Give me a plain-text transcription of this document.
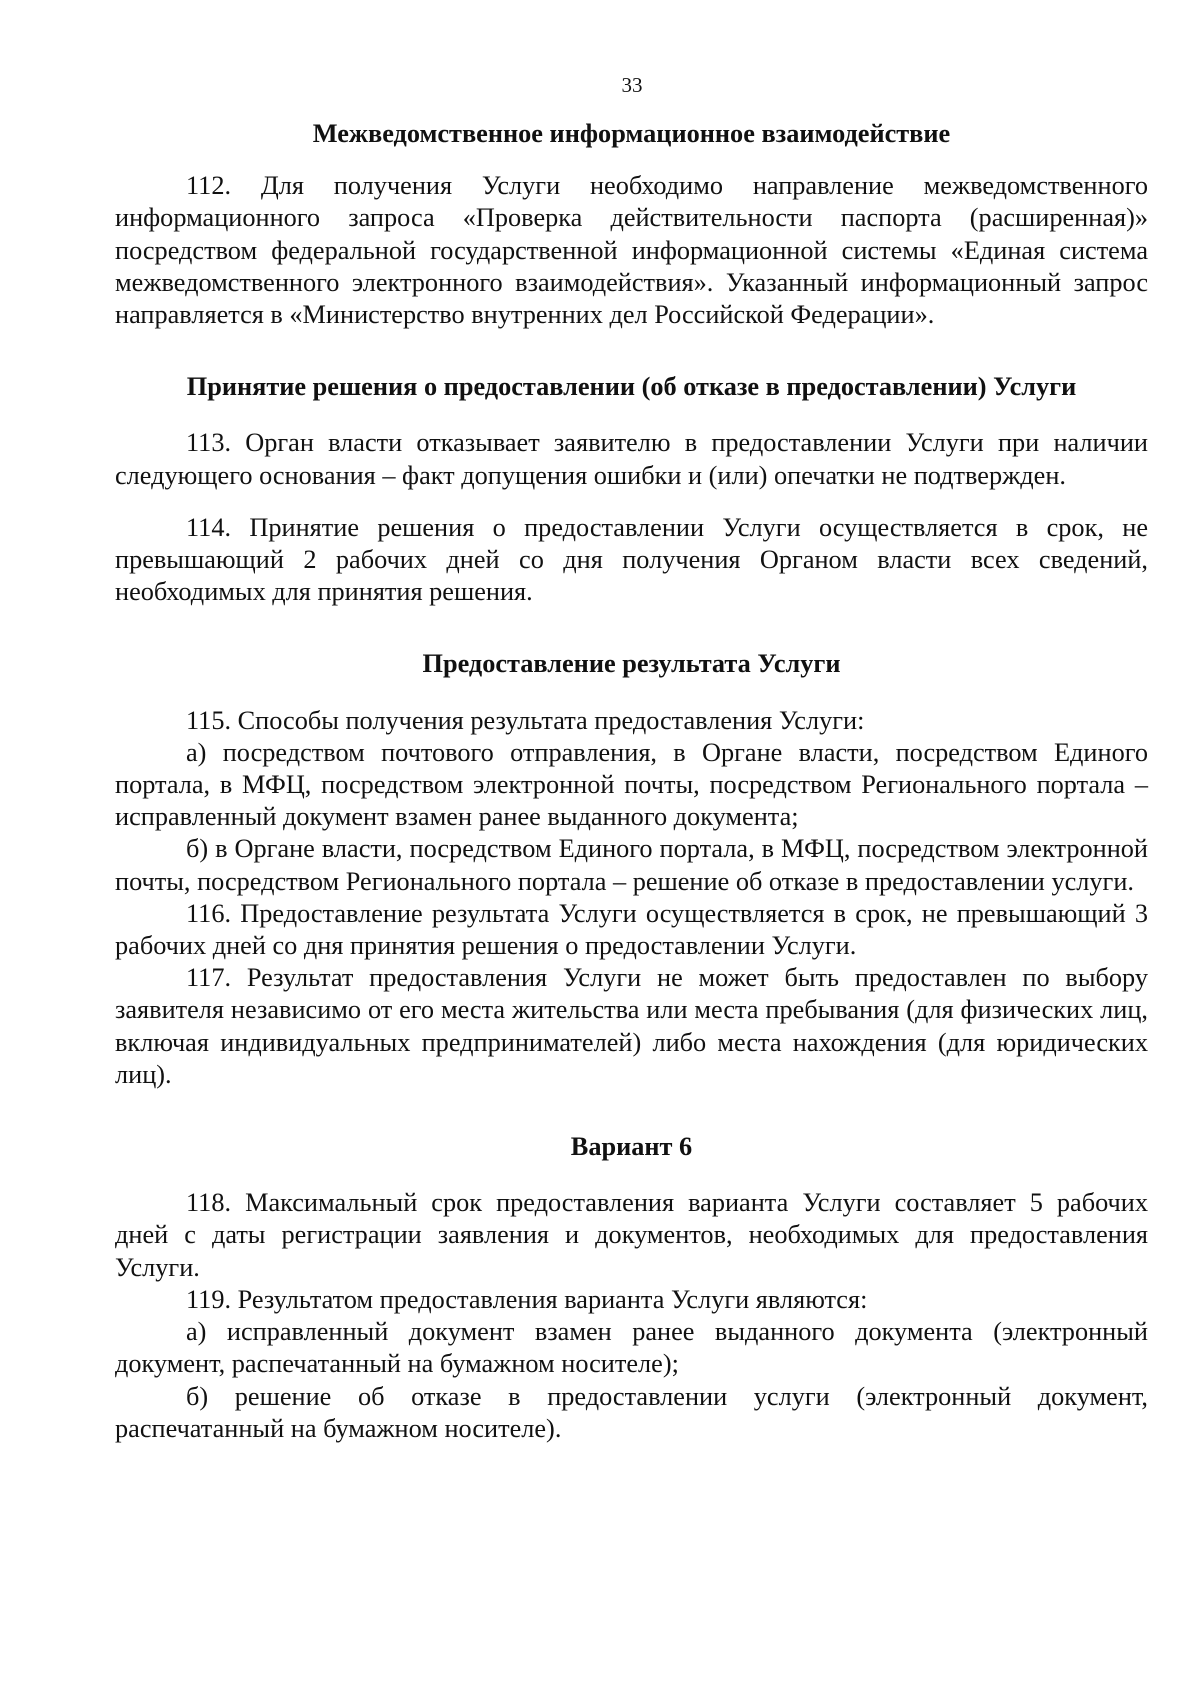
33
Межведомственное информационное взаимодействие

112. Для получения Услуги необходимо направление межведомственного информационного запроса «Проверка действительности паспорта (расширенная)» посредством федеральной государственной информационной системы «Единая система межведомственного электронного взаимодействия». Указанный информационный запрос направляется в «Министерство внутренних дел Российской Федерации».

Принятие решения о предоставлении (об отказе в предоставлении) Услуги

113. Орган власти отказывает заявителю в предоставлении Услуги при наличии следующего основания – факт допущения ошибки и (или) опечатки не подтвержден.

114. Принятие решения о предоставлении Услуги осуществляется в срок, не превышающий 2 рабочих дней со дня получения Органом власти всех сведений, необходимых для принятия решения.

Предоставление результата Услуги

115. Способы получения результата предоставления Услуги:

а) посредством почтового отправления, в Органе власти, посредством Единого портала, в МФЦ, посредством электронной почты, посредством Регионального портала – исправленный документ взамен ранее выданного документа;

б) в Органе власти, посредством Единого портала, в МФЦ, посредством электронной почты, посредством Регионального портала – решение об отказе в предоставлении услуги.

116. Предоставление результата Услуги осуществляется в срок, не превышающий 3 рабочих дней со дня принятия решения о предоставлении Услуги.

117. Результат предоставления Услуги не может быть предоставлен по выбору заявителя независимо от его места жительства или места пребывания (для физических лиц, включая индивидуальных предпринимателей) либо места нахождения (для юридических лиц).

Вариант 6

118. Максимальный срок предоставления варианта Услуги составляет 5 рабочих дней с даты регистрации заявления и документов, необходимых для предоставления Услуги.

119. Результатом предоставления варианта Услуги являются:

а) исправленный документ взамен ранее выданного документа (электронный документ, распечатанный на бумажном носителе);

б) решение об отказе в предоставлении услуги (электронный документ, распечатанный на бумажном носителе).
